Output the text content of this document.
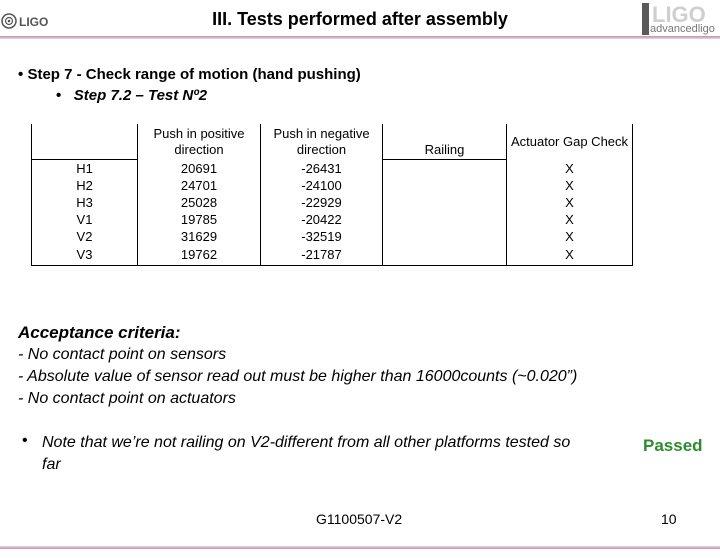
LIGO	LIGO
advancedligo
III. Tests performed after assembly
• Step 7 - Check range of motion (hand pushing)
• Step 7.2 – Test Nº2
	Push in positive direction	Push in negative direction	Railing	Actuator Gap Check
H1	20691	-26431		X
H2	24701	-24100		X
H3	25028	-22929		X
V1	19785	-20422		X
V2	31629	-32519		X
V3	19762	-21787		X
Acceptance criteria:
- No contact point on sensors
- Absolute value of sensor read out must be higher than 16000counts (~0.020”)
- No contact point on actuators
• Note that we’re not railing on V2-different from all other platforms tested so
far
Passed
G1100507-V2	10
